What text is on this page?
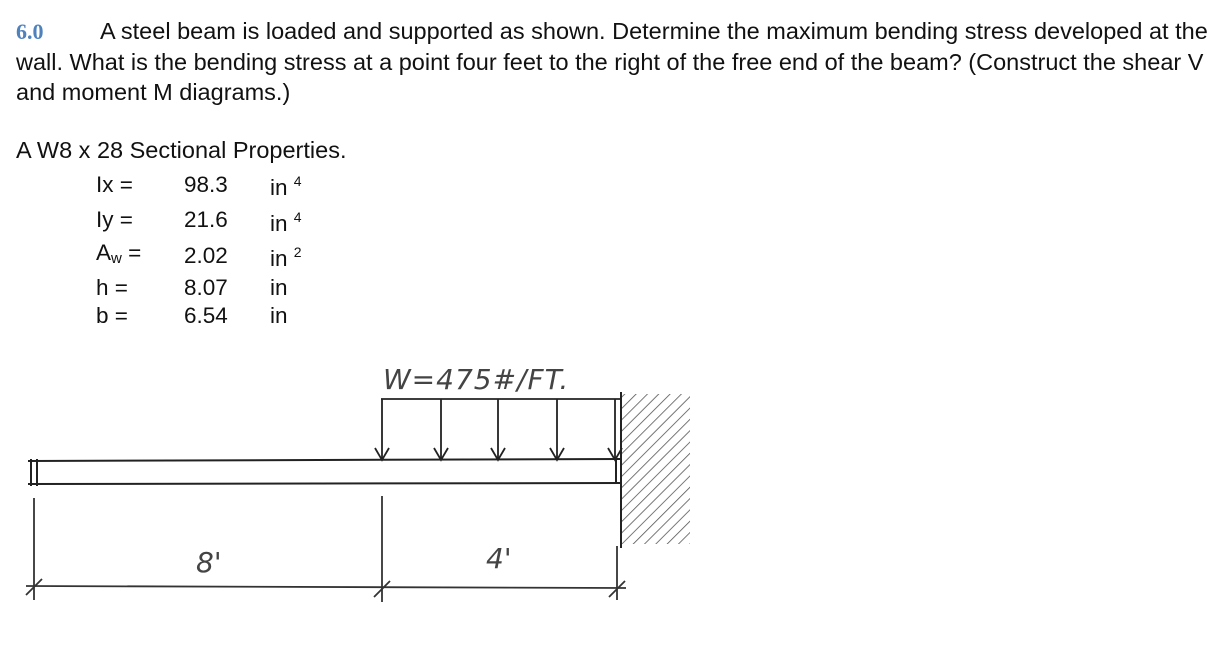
6.0 A steel beam is loaded and supported as shown. Determine the maximum bending stress developed at the wall. What is the bending stress at a point four feet to the right of the free end of the beam? (Construct the shear V and moment M diagrams.)
A W8 x 28 Sectional Properties.
Ix =	98.3	in $^4$
Iy =	21.6	in $^4$
$A_w$ =	2.02	in $^2$
h =	8.07	in
b =	6.54	in
W=475#/FT.
8'	4'
